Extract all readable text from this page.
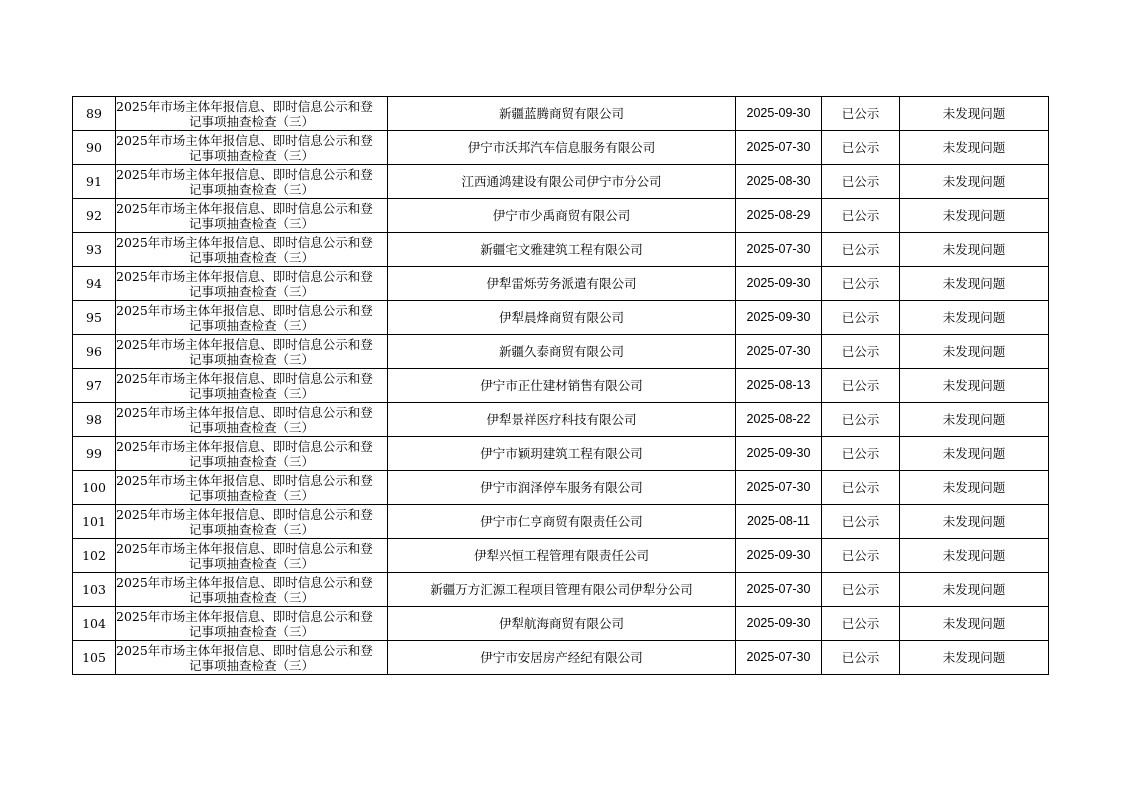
89	2025年市场主体年报信息、即时信息公示和登
记事项抽查检查（三）	新疆蓝腾商贸有限公司	2025-09-30	已公示	未发现问题
90	2025年市场主体年报信息、即时信息公示和登
记事项抽查检查（三）	伊宁市沃邦汽车信息服务有限公司	2025-07-30	已公示	未发现问题
91	2025年市场主体年报信息、即时信息公示和登
记事项抽查检查（三）	江西通鸿建设有限公司伊宁市分公司	2025-08-30	已公示	未发现问题
92	2025年市场主体年报信息、即时信息公示和登
记事项抽查检查（三）	伊宁市少禹商贸有限公司	2025-08-29	已公示	未发现问题
93	2025年市场主体年报信息、即时信息公示和登
记事项抽查检查（三）	新疆宅文雅建筑工程有限公司	2025-07-30	已公示	未发现问题
94	2025年市场主体年报信息、即时信息公示和登
记事项抽查检查（三）	伊犁雷烁劳务派遣有限公司	2025-09-30	已公示	未发现问题
95	2025年市场主体年报信息、即时信息公示和登
记事项抽查检查（三）	伊犁晨烽商贸有限公司	2025-09-30	已公示	未发现问题
96	2025年市场主体年报信息、即时信息公示和登
记事项抽查检查（三）	新疆久泰商贸有限公司	2025-07-30	已公示	未发现问题
97	2025年市场主体年报信息、即时信息公示和登
记事项抽查检查（三）	伊宁市正仕建材销售有限公司	2025-08-13	已公示	未发现问题
98	2025年市场主体年报信息、即时信息公示和登
记事项抽查检查（三）	伊犁景祥医疗科技有限公司	2025-08-22	已公示	未发现问题
99	2025年市场主体年报信息、即时信息公示和登
记事项抽查检查（三）	伊宁市颖玥建筑工程有限公司	2025-09-30	已公示	未发现问题
100	2025年市场主体年报信息、即时信息公示和登
记事项抽查检查（三）	伊宁市润泽停车服务有限公司	2025-07-30	已公示	未发现问题
101	2025年市场主体年报信息、即时信息公示和登
记事项抽查检查（三）	伊宁市仁亨商贸有限责任公司	2025-08-11	已公示	未发现问题
102	2025年市场主体年报信息、即时信息公示和登
记事项抽查检查（三）	伊犁兴恒工程管理有限责任公司	2025-09-30	已公示	未发现问题
103	2025年市场主体年报信息、即时信息公示和登
记事项抽查检查（三）	新疆万方汇源工程项目管理有限公司伊犁分公司	2025-07-30	已公示	未发现问题
104	2025年市场主体年报信息、即时信息公示和登
记事项抽查检查（三）	伊犁航海商贸有限公司	2025-09-30	已公示	未发现问题
105	2025年市场主体年报信息、即时信息公示和登
记事项抽查检查（三）	伊宁市安居房产经纪有限公司	2025-07-30	已公示	未发现问题
